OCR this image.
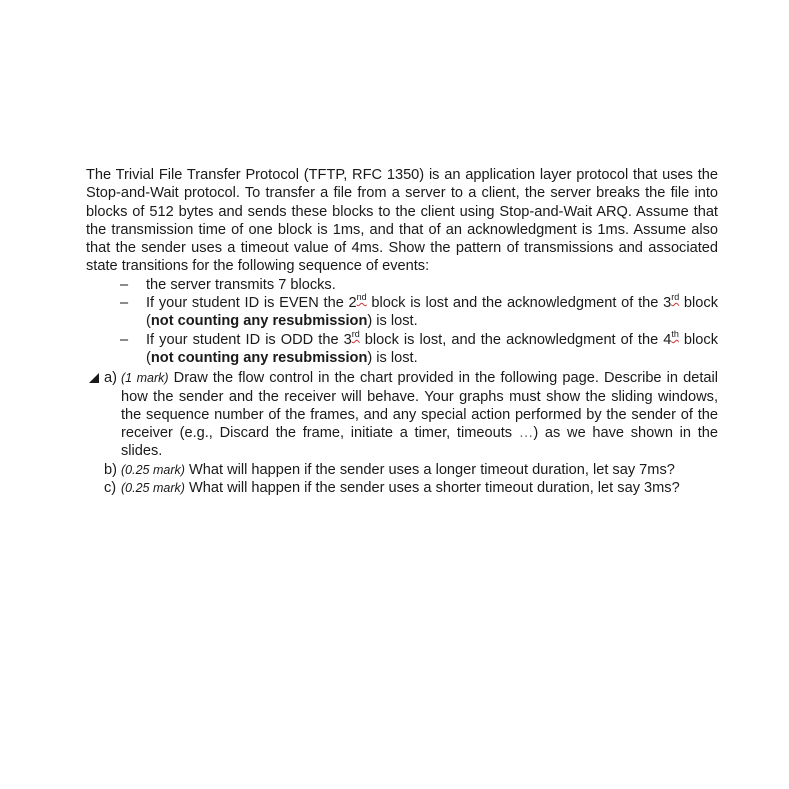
The Trivial File Transfer Protocol (TFTP, RFC 1350) is an application layer protocol that uses the Stop-and-Wait protocol. To transfer a file from a server to a client, the server breaks the file into blocks of 512 bytes and sends these blocks to the client using Stop-and-Wait ARQ. Assume that the transmission time of one block is 1ms, and that of an acknowledgment is 1ms. Assume also that the sender uses a timeout value of 4ms. Show the pattern of transmissions and associated state transitions for the following sequence of events:

– the server transmits 7 blocks.
– If your student ID is EVEN the 2nd block is lost and the acknowledgment of the 3rd block (not counting any resubmission) is lost.
– If your student ID is ODD the 3rd block is lost, and the acknowledgment of the 4th block (not counting any resubmission) is lost.
a) (1 mark) Draw the flow control in the chart provided in the following page. Describe in detail how the sender and the receiver will behave. Your graphs must show the sliding windows, the sequence number of the frames, and any special action performed by the sender of the receiver (e.g., Discard the frame, initiate a timer, timeouts …) as we have shown in the slides.
b) (0.25 mark) What will happen if the sender uses a longer timeout duration, let say 7ms?
c) (0.25 mark) What will happen if the sender uses a shorter timeout duration, let say 3ms?
